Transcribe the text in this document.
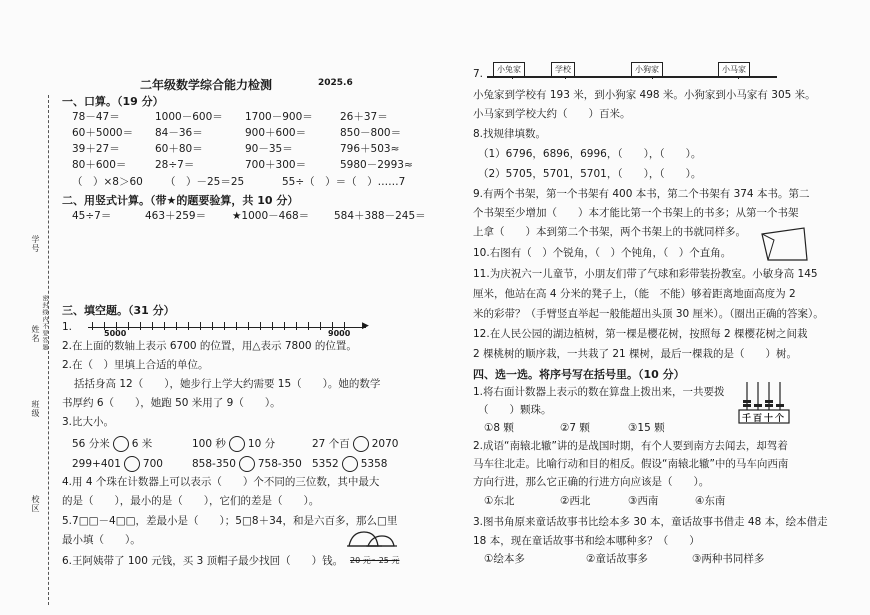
学号
姓名
班级
校区
密封线内不要答题
二年级数学综合能力检测	2025.6
一、口算。（19 分）
78－47＝	1000－600＝ 1700－900＝	26＋37＝
60＋5000＝ 84－36＝	900＋600＝	850－800＝
39＋27＝	60＋80＝	90－35＝	796＋503≈
80＋600＝	28÷7＝	700＋300＝	5980－2993≈
（　）×8＞60 （　）－25＝25	55÷（　）＝（　）……7
二、用竖式计算。（带★的题要验算，共 10 分）
45÷7＝	463＋259＝ ★1000－468＝ 584＋388－245＝
三、填空题。（31 分）
1.	▶
5000	9000
2.在上面的数轴上表示 6700 的位置，用△表示 7800 的位置。
2.在（　）里填上合适的单位。
括括身高 12（　　），她步行上学大约需要 15（　　）。她的数学
书厚约 6（　　），她跑 50 米用了 9（　　）。
3.比大小。
56 分米 6 米	100 秒 10 分	27 个百 2070
299+401 700	858-350 758-350 5352 5358
4.用 4 个珠在计数器上可以表示（　　）个不同的三位数，其中最大
的是（　　），最小的是（　　），它们的差是（　　）。
5.7□□－4□□，差最小是（　　）；5□8＋34，和是六百多，那么□里
最小填（　　）。
6.王阿姨带了 100 元钱，买 3 顶帽子最少找回（　　）钱。 20 元～25 元
7.	小兔家	学校	小狗家	小马家
小兔家到学校有 193 米，到小狗家 498 米。小狗家到小马家有 305 米。
小马家到学校大约（　　）百米。
8.找规律填数。
（1）6796，6896，6996，（　　），（　　）。
（2）5705，5701，5701，（　　），（　　）。
9.有两个书架，第一个书架有 400 本书，第二个书架有 374 本书。第二
个书架至少增加（　　）本才能比第一个书架上的书多；从第一个书架
上拿（　　）本到第二个书架，两个书架上的书就同样多。
10.右图有（　）个锐角，（　）个钝角，（　）个直角。
11.为庆祝六一儿童节，小朋友们带了气球和彩带装扮教室。小敏身高 145
厘米，他站在高 4 分米的凳子上，（能　不能）够着距离地面高度为 2
米的彩带？（手臂竖直举起一般能超出头顶 30 厘米）。（圈出正确的答案）。
12.在人民公园的湖边植树，第一棵是樱花树，按照每 2 棵樱花树之间栽
2 棵桃树的顺序栽，一共栽了 21 棵树，最后一棵栽的是（　　）树。
四、选一选。将序号写在括号里。（10 分）
1.将右面计数器上表示的数在算盘上拨出来，一共要拨
（　　）颗珠。
①8 颗	②7 颗	③15 颗
千百十个
2.成语“南辕北辙”讲的是战国时期，有个人要到南方去闻去，却驾着
马车往北走。比喻行动和目的相反。假设“南辕北辙”中的马车向西南
方向行进，那么它正确的行进方向应该是（　　）。
①东北	②西北	③西南	④东南
3.图书角原来童话故事书比绘本多 30 本，童话故事书借走 48 本，绘本借走
18 本，现在童话故事书和绘本哪种多？（　　）
①绘本多	②童话故事多	③两种书同样多
